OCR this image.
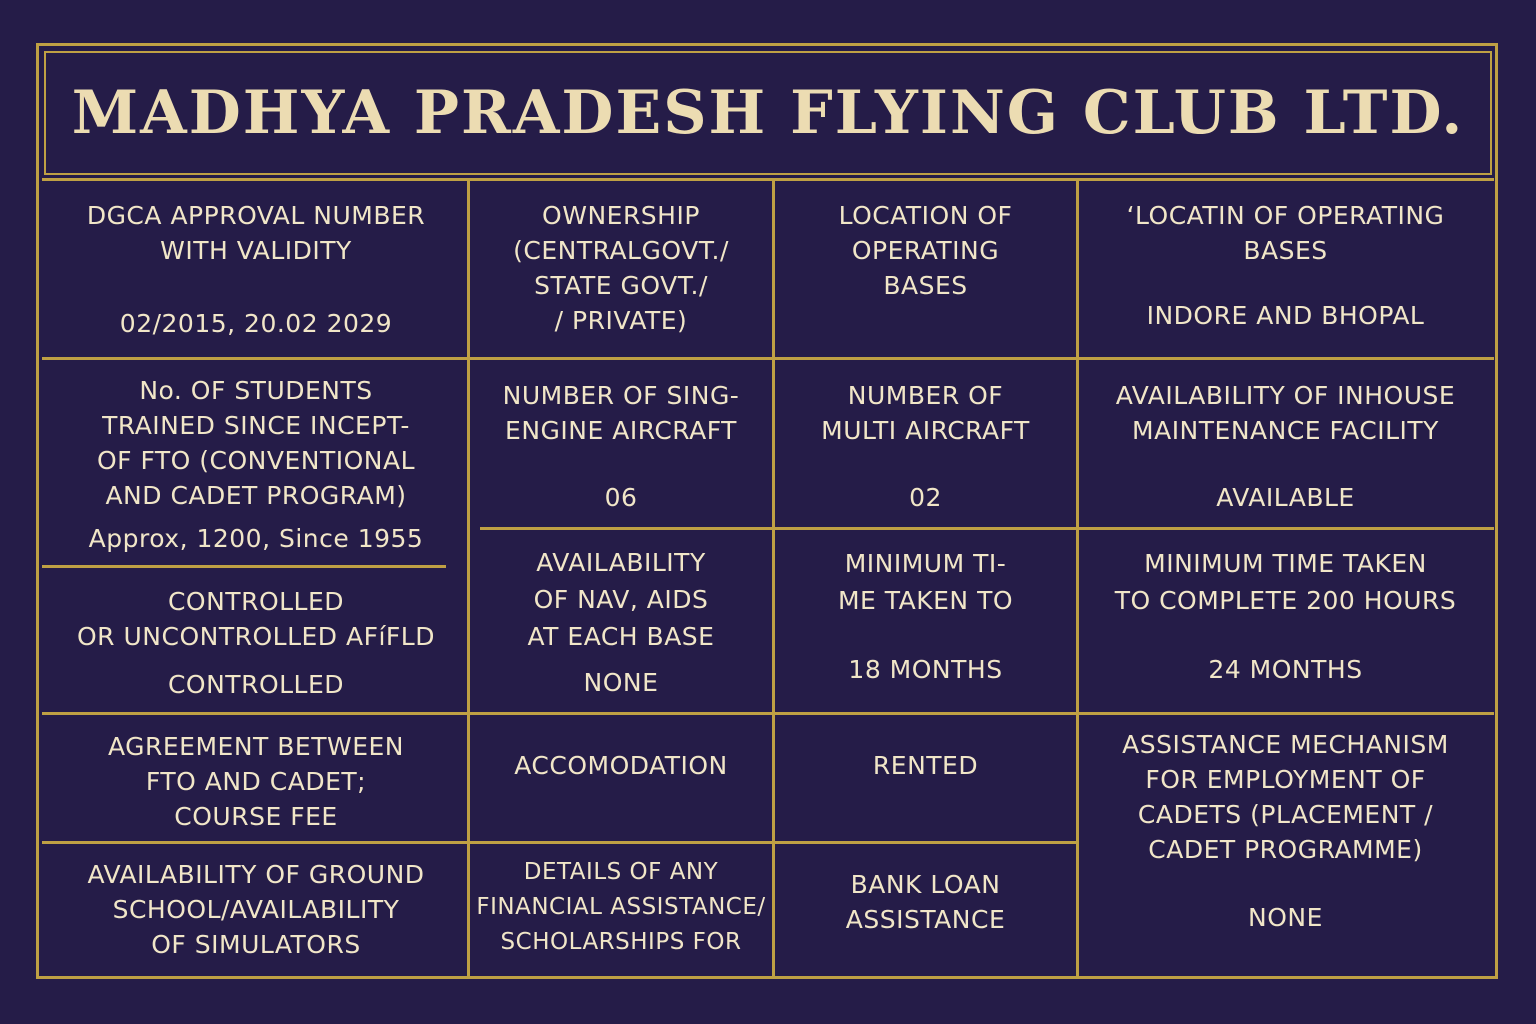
MADHYA PRADESH FLYING CLUB LTD.
DGCA APPROVAL NUMBER
WITH VALIDITY
02/2015, 20.02 2029
OWNERSHIP
(CENTRALGOVT./
STATE GOVT./
/ PRIVATE)
LOCATION OF
OPERATING
BASES
‘LOCATIN OF OPERATING
BASES
INDORE AND BHOPAL
No. OF STUDENTS
TRAINED SINCE INCEPT-
OF FTO (CONVENTIONAL
AND CADET PROGRAM)
Approx, 1200, Since 1955
NUMBER OF SING-
ENGINE AIRCRAFT
06
NUMBER OF
MULTI AIRCRAFT
02
AVAILABILITY OF INHOUSE
MAINTENANCE FACILITY
AVAILABLE
CONTROLLED
OR UNCONTROLLED AFíFLD
CONTROLLED
AVAILABILITY
OF NAV, AIDS
AT EACH BASE
NONE
MINIMUM TI-
ME TAKEN TO
18 MONTHS
MINIMUM TIME TAKEN
TO COMPLETE 200 HOURS
24 MONTHS
AGREEMENT BETWEEN
FTO AND CADET;
COURSE FEE
ACCOMODATION	RENTED
ASSISTANCE MECHANISM
FOR EMPLOYMENT OF
CADETS (PLACEMENT /
CADET PROGRAMME)
NONE
AVAILABILITY OF GROUND
SCHOOL/AVAILABILITY
OF SIMULATORS
DETAILS OF ANY
FINANCIAL ASSISTANCE/
SCHOLARSHIPS FOR
BANK LOAN
ASSISTANCE
